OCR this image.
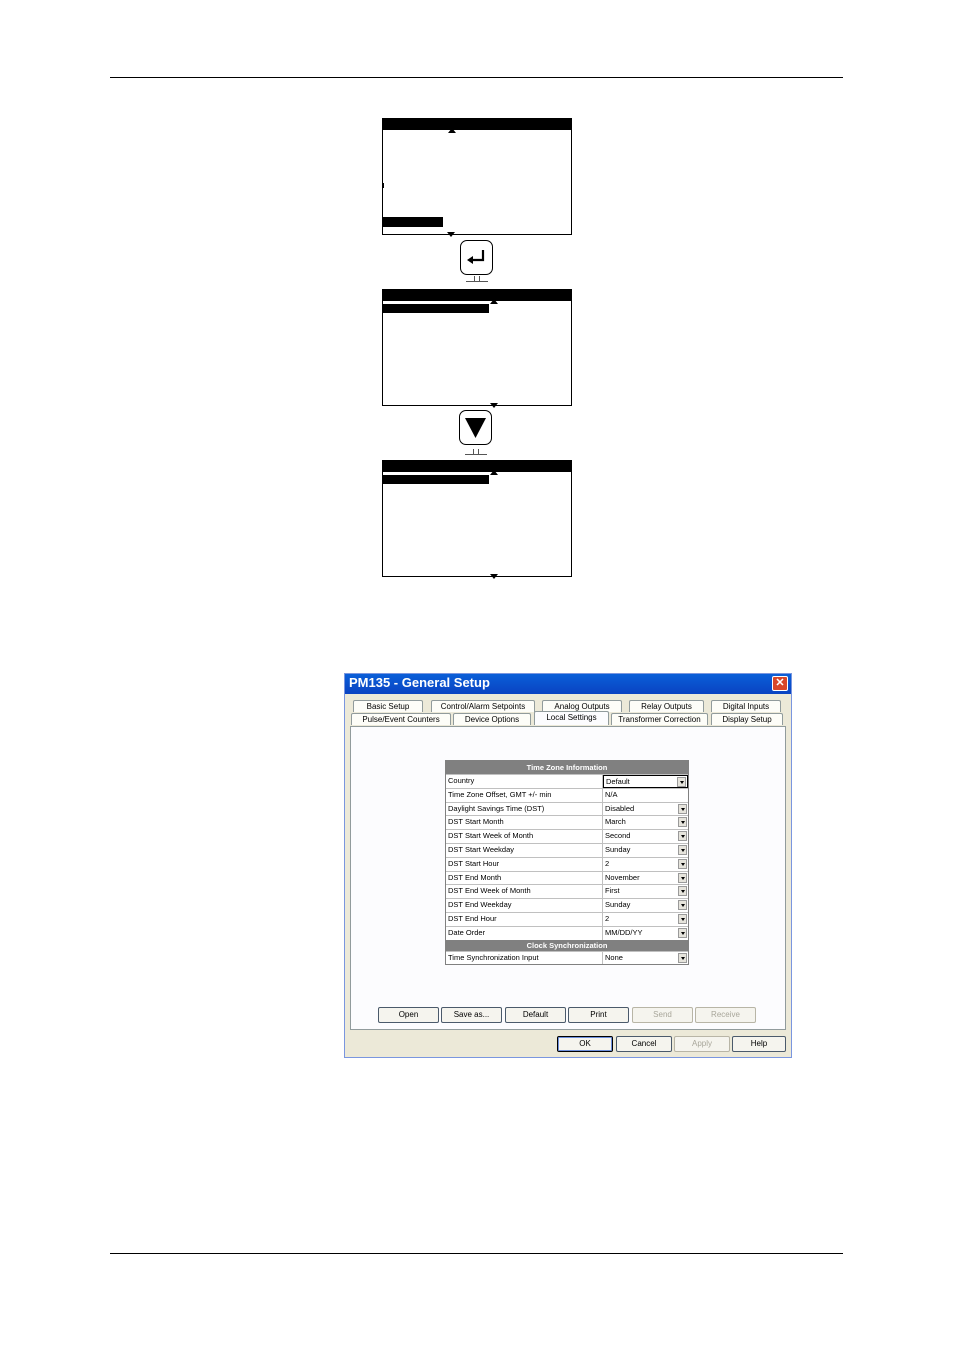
PM135 - General Setup	✕
Basic Setup	Control/Alarm Setpoints	Analog Outputs	Relay Outputs	Digital Inputs
Pulse/Event Counters	Device Options	Local Settings	Transformer Correction	Display Setup
Time Zone Information
Country	Default
Time Zone Offset, GMT +/- min	N/A
Daylight Savings Time (DST)	Disabled
DST Start Month	March
DST Start Week of Month	Second
DST Start Weekday	Sunday
DST Start Hour	2
DST End Month	November
DST End Week of Month	First
DST End Weekday	Sunday
DST End Hour	2
Date Order	MM/DD/YY
Clock Synchronization
Time Synchronization Input	None
Open	Save as...	Default	Print	Send	Receive
OK	Cancel	Apply	Help
